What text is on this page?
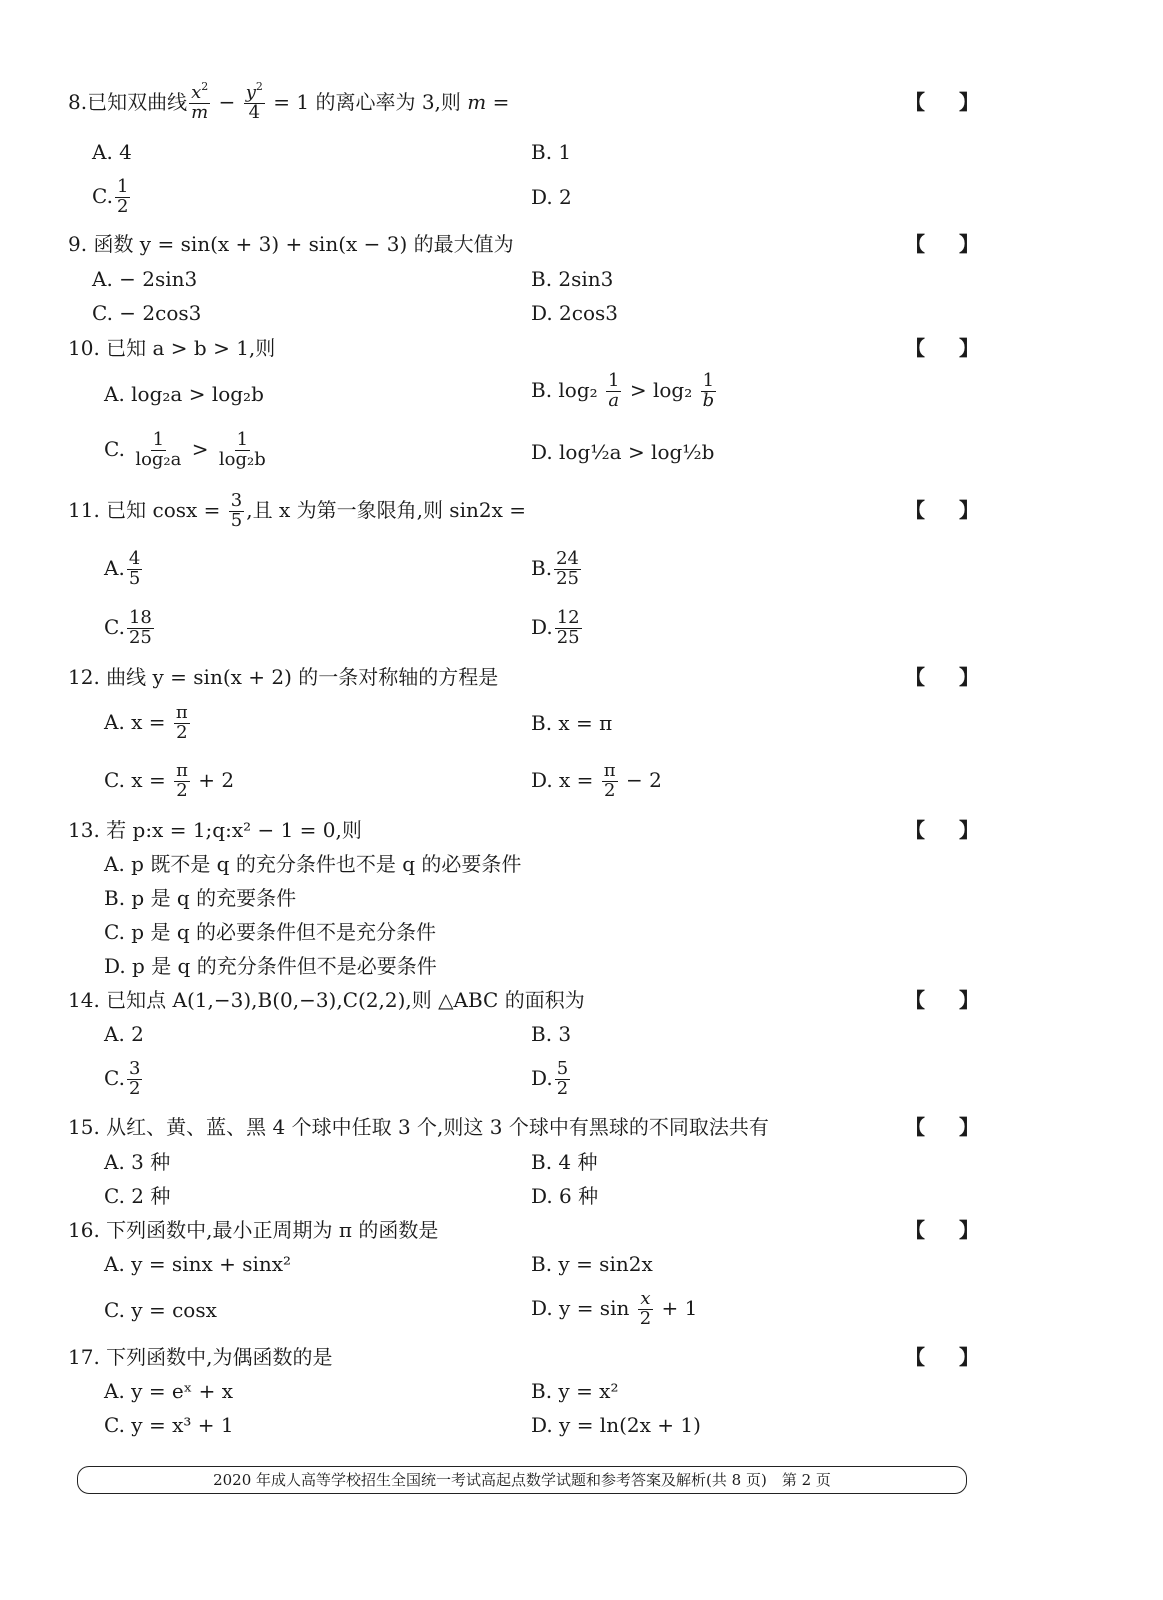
8.已知双曲线 $\frac{x^2}{m} - \frac{y^2}{4} = 1$ 的离心率为 3,则 m =	【 】
A. 4	B. 1
C. $\frac{1}{2}$	D. 2
9. 函数 y = sin(x + 3) + sin(x − 3) 的最大值为	【 】
A. − 2sin3	B. 2sin3
C. − 2cos3	D. 2cos3
10. 已知 a > b > 1,则	【 】
A. log₂a > log₂b	B. $\log_2 \frac{1}{a} > \log_2 \frac{1}{b}$
C. $\frac{1}{\text{log₂a}} > \frac{1}{\text{log₂b}}$	D. log½a > log½b
11. 已知 $\cos x = \frac{3}{5}$ ,且 x 为第一象限角,则 sin2x =	【 】
A. $\frac{4}{5}$	B. $\frac{24}{25}$
C. $\frac{18}{25}$	D. $\frac{12}{25}$
12. 曲线 y = sin(x + 2) 的一条对称轴的方程是	【 】
A. $x = \frac{\pi}{2}$	B. x = π
C. $x = \frac{\pi}{2} + 2$	D. $x = \frac{\pi}{2} - 2$
13. 若 p:x = 1;q:x² − 1 = 0,则	【 】
A. p 既不是 q 的充分条件也不是 q 的必要条件
B. p 是 q 的充要条件
C. p 是 q 的必要条件但不是充分条件
D. p 是 q 的充分条件但不是必要条件
14. 已知点 A(1,−3),B(0,−3),C(2,2),则 △ABC 的面积为	【 】
A. 2	B. 3
C. $\frac{3}{2}$	D. $\frac{5}{2}$
15. 从红、黄、蓝、黑 4 个球中任取 3 个,则这 3 个球中有黑球的不同取法共有	【 】
A. 3 种	B. 4 种
C. 2 种	D. 6 种
16. 下列函数中,最小正周期为 π 的函数是	【 】
A. y = sinx + sinx²	B. y = sin2x
C. y = cosx	D. $y = \sin \frac{x}{2} + 1$
17. 下列函数中,为偶函数的是	【 】
A. y = eˣ + x	B. y = x²
C. y = x³ + 1	D. y = ln(2x + 1)
2020 年成人高等学校招生全国统一考试高起点数学试题和参考答案及解析(共 8 页)　第 2 页
